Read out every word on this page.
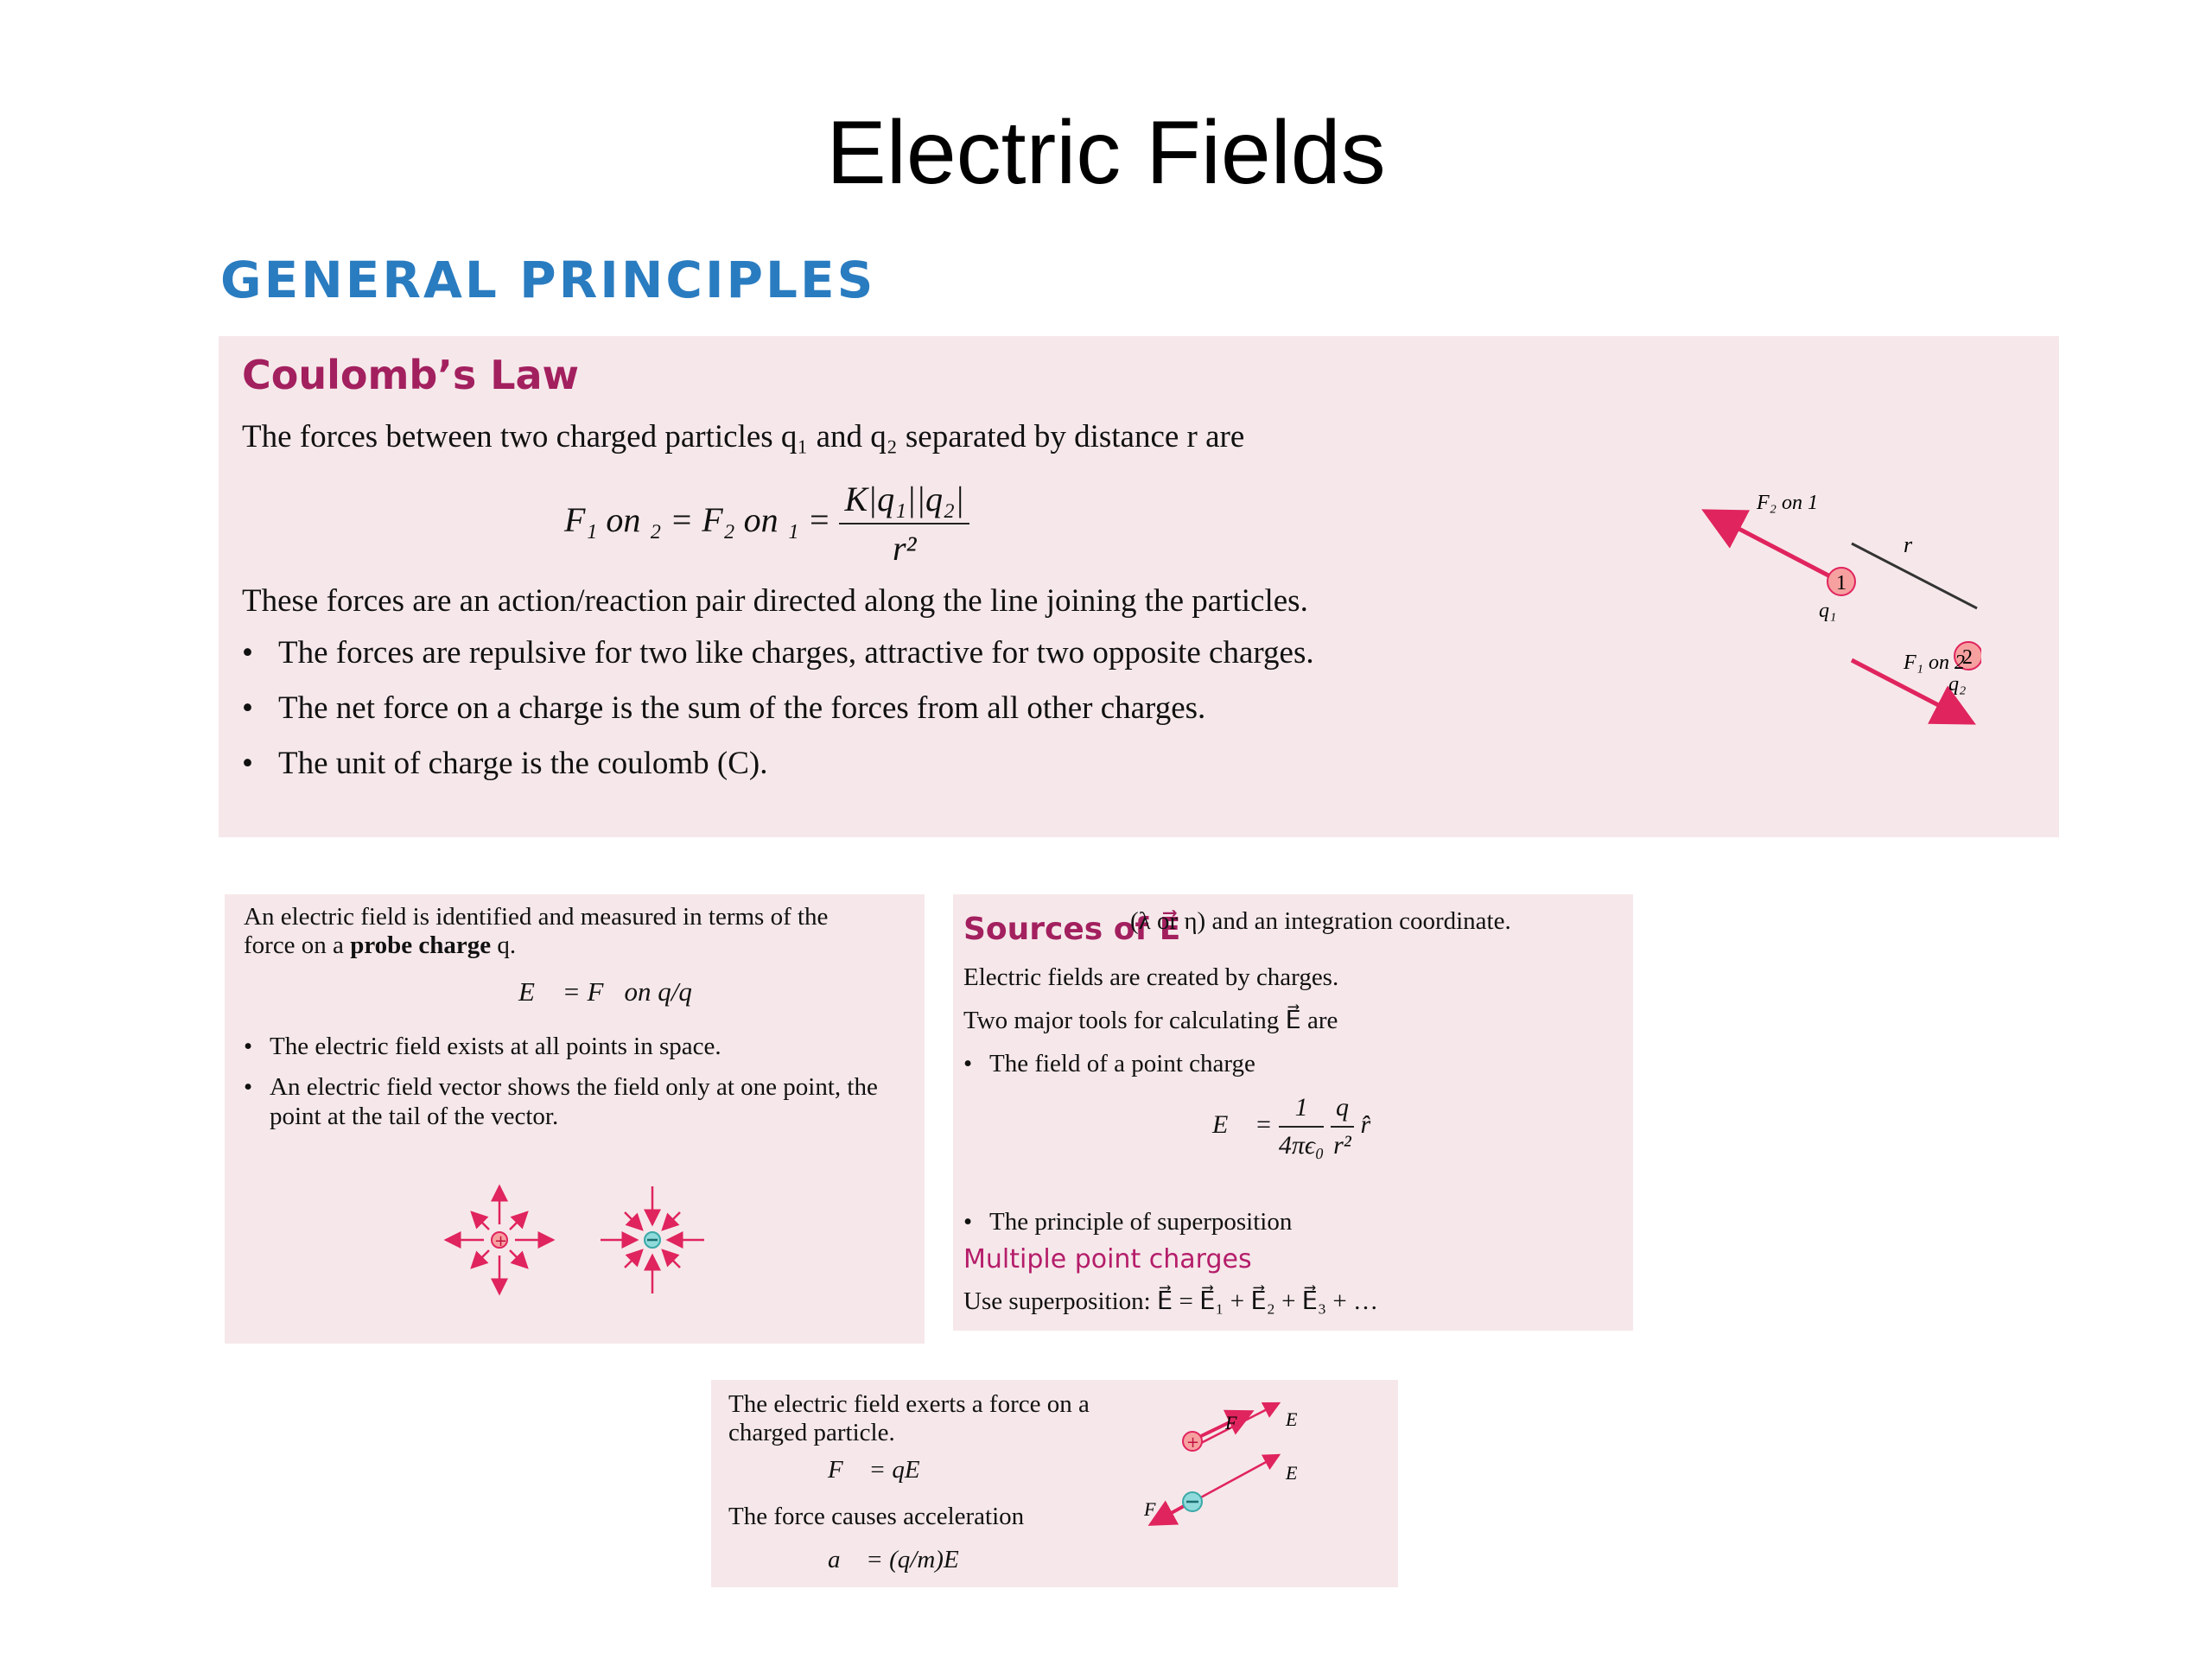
Electric Fields
GENERAL PRINCIPLES
Coulomb’s Law
The forces between two charged particles q₁ and q₂ separated by distance r are
F₁ on ₂ = F₂ on $_1 = \frac{\text{K|q₁||q₂|}}{\text{r²}}$
These forces are an action/reaction pair directed along the line joining the particles.
• The forces are repulsive for two like charges, attractive for two opposite charges.
• The net force on a charge is the sum of the forces from all other charges.
• The unit of charge is the coulomb (C).
1
2
F₂ on 1
r
q₁
q₂
F₁ on 2
An electric field is identified and measured in terms of the force on a probe charge q.
E⃗ = F⃗on q/q
• The electric field exists at all points in space.
• An electric field vector shows the field only at one point, the point at the tail of the vector.
+
Sources of E⃗
(λ or η) and an integration coordinate.
Electric fields are created by charges.
Two major tools for calculating E⃗ are
• The field of a point charge
E⃗ = $\frac{1}{\text{4πϵ₀}}$
$\frac{q}{\text{r²}}$ r̂
• The principle of superposition
Multiple point charges
Use superposition: E⃗ = E⃗₁ + E⃗₂ + E⃗₃ + …
The electric field exerts a force on a charged particle.
F⃗ = qE⃗
The force causes acceleration
a⃗ = (q/m)E⃗
+
F⃗ E⃗
E⃗
F⃗
